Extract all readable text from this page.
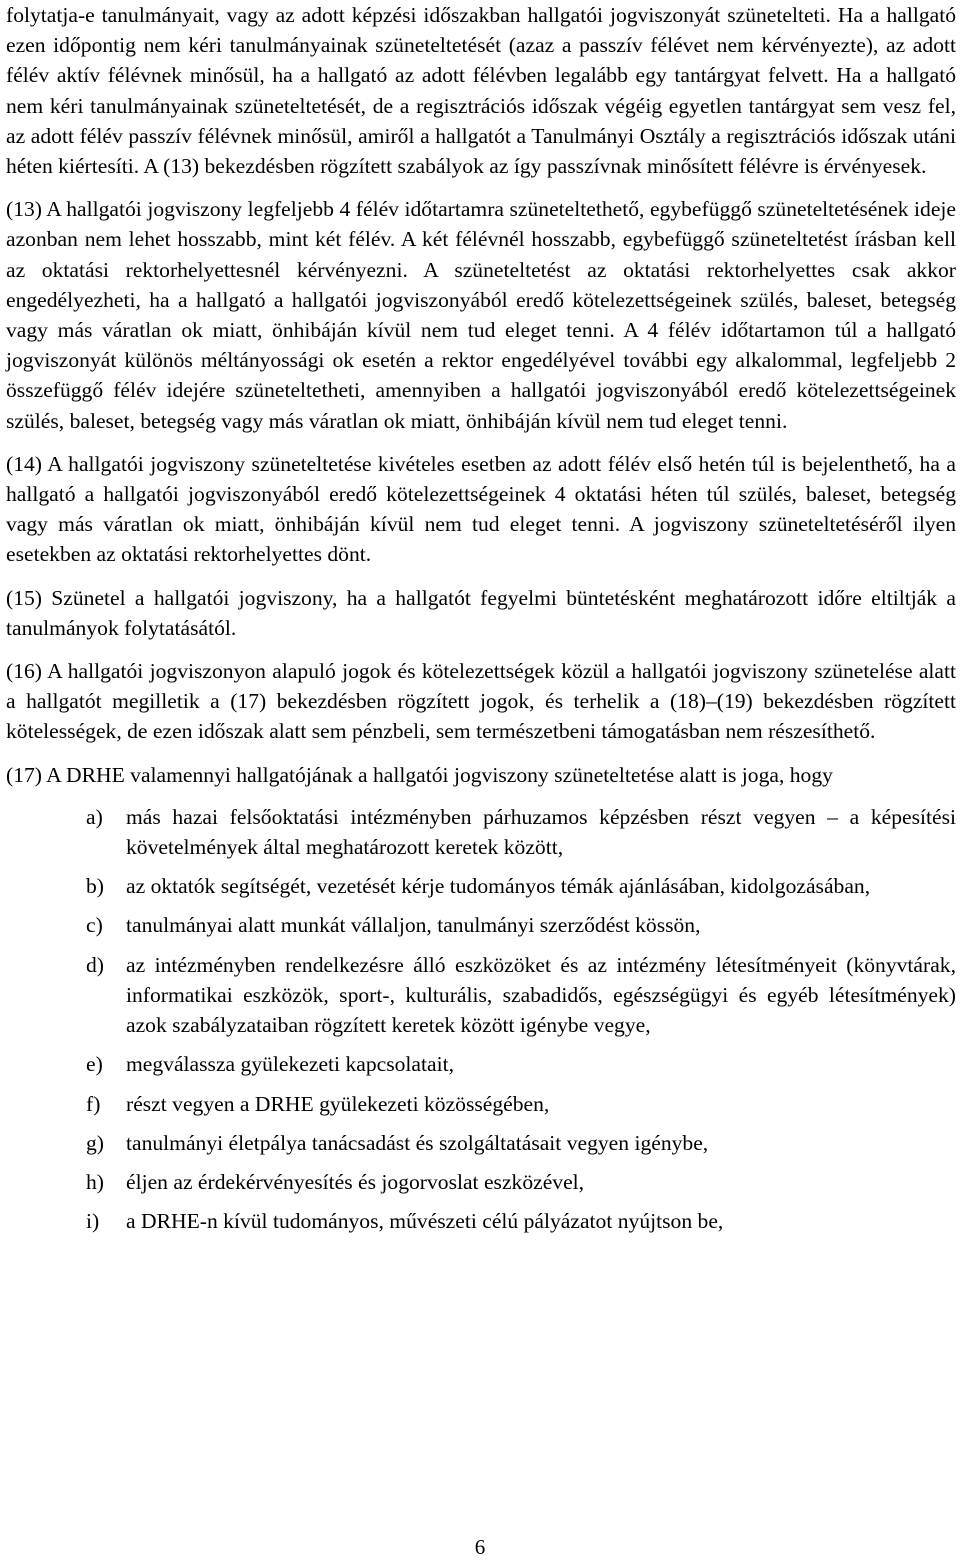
folytatja-e tanulmányait, vagy az adott képzési időszakban hallgatói jogviszonyát szünetelteti. Ha a hallgató ezen időpontig nem kéri tanulmányainak szüneteltetését (azaz a passzív félévet nem kérvényezte), az adott félév aktív félévnek minősül, ha a hallgató az adott félévben legalább egy tantárgyat felvett. Ha a hallgató nem kéri tanulmányainak szüneteltetését, de a regisztrációs időszak végéig egyetlen tantárgyat sem vesz fel, az adott félév passzív félévnek minősül, amiről a hallgatót a Tanulmányi Osztály a regisztrációs időszak utáni héten kiértesíti. A (13) bekezdésben rögzített szabályok az így passzívnak minősített félévre is érvényesek.

(13) A hallgatói jogviszony legfeljebb 4 félév időtartamra szüneteltethető, egybefüggő szüneteltetésének ideje azonban nem lehet hosszabb, mint két félév. A két félévnél hosszabb, egybefüggő szüneteltetést írásban kell az oktatási rektorhelyettesnél kérvényezni. A szüneteltetést az oktatási rektorhelyettes csak akkor engedélyezheti, ha a hallgató a hallgatói jogviszonyából eredő kötelezettségeinek szülés, baleset, betegség vagy más váratlan ok miatt, önhibáján kívül nem tud eleget tenni. A 4 félév időtartamon túl a hallgató jogviszonyát különös méltányossági ok esetén a rektor engedélyével további egy alkalommal, legfeljebb 2 összefüggő félév idejére szüneteltetheti, amennyiben a hallgatói jogviszonyából eredő kötelezettségeinek szülés, baleset, betegség vagy más váratlan ok miatt, önhibáján kívül nem tud eleget tenni.

(14) A hallgatói jogviszony szüneteltetése kivételes esetben az adott félév első hetén túl is bejelenthető, ha a hallgató a hallgatói jogviszonyából eredő kötelezettségeinek 4 oktatási héten túl szülés, baleset, betegség vagy más váratlan ok miatt, önhibáján kívül nem tud eleget tenni. A jogviszony szüneteltetéséről ilyen esetekben az oktatási rektorhelyettes dönt.

(15) Szünetel a hallgatói jogviszony, ha a hallgatót fegyelmi büntetésként meghatározott időre eltiltják a tanulmányok folytatásától.

(16) A hallgatói jogviszonyon alapuló jogok és kötelezettségek közül a hallgatói jogviszony szünetelése alatt a hallgatót megilletik a (17) bekezdésben rögzített jogok, és terhelik a (18)–(19) bekezdésben rögzített kötelességek, de ezen időszak alatt sem pénzbeli, sem természetbeni támogatásban nem részesíthető.

(17) A DRHE valamennyi hallgatójának a hallgatói jogviszony szüneteltetése alatt is joga, hogy

a)	más hazai felsőoktatási intézményben párhuzamos képzésben részt vegyen – a képesítési követelmények által meghatározott keretek között,
b)	az oktatók segítségét, vezetését kérje tudományos témák ajánlásában, kidolgozásában,
c)	tanulmányai alatt munkát vállaljon, tanulmányi szerződést kössön,
d)	az intézményben rendelkezésre álló eszközöket és az intézmény létesítményeit (könyvtárak, informatikai eszközök, sport-, kulturális, szabadidős, egészségügyi és egyéb létesítmények) azok szabályzataiban rögzített keretek között igénybe vegye,
e)	megválassza gyülekezeti kapcsolatait,
f)	részt vegyen a DRHE gyülekezeti közösségében,
g)	tanulmányi életpálya tanácsadást és szolgáltatásait vegyen igénybe,
h)	éljen az érdekérvényesítés és jogorvoslat eszközével,
i)	a DRHE-n kívül tudományos, művészeti célú pályázatot nyújtson be,
6
